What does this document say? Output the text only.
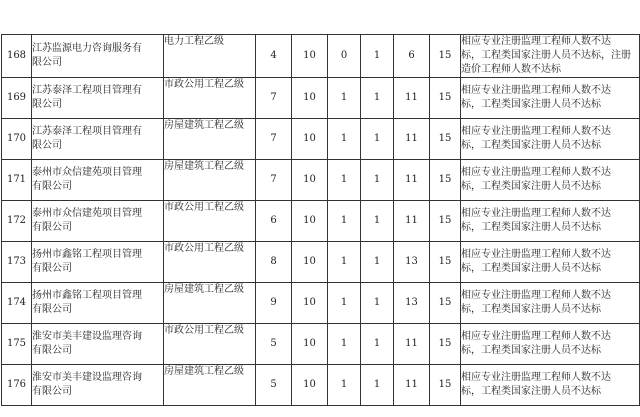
168	江苏监源电力咨询服务有
限公司	电力工程乙级	4	10	0	1	6	15	相应专业注册监理工程师人数不达
标，工程类国家注册人员不达标，注册
造价工程师人数不达标

169	江苏泰泽工程项目管理有
限公司	市政公用工程乙级	7	10	1	1	11	15	相应专业注册监理工程师人数不达
标，工程类国家注册人员不达标

170	江苏泰泽工程项目管理有
限公司	房屋建筑工程乙级	7	10	1	1	11	15	相应专业注册监理工程师人数不达
标，工程类国家注册人员不达标

171	泰州市众信建苑项目管理
有限公司	房屋建筑工程乙级	7	10	1	1	11	15	相应专业注册监理工程师人数不达
标，工程类国家注册人员不达标

172	泰州市众信建苑项目管理
有限公司	市政公用工程乙级	6	10	1	1	11	15	相应专业注册监理工程师人数不达
标，工程类国家注册人员不达标

173	扬州市鑫铭工程项目管理
有限公司	市政公用工程乙级	8	10	1	1	13	15	相应专业注册监理工程师人数不达
标，工程类国家注册人员不达标

174	扬州市鑫铭工程项目管理
有限公司	房屋建筑工程乙级	9	10	1	1	13	15	相应专业注册监理工程师人数不达
标，工程类国家注册人员不达标

175	淮安市美丰建设监理咨询
有限公司	市政公用工程乙级	5	10	1	1	11	15	相应专业注册监理工程师人数不达
标，工程类国家注册人员不达标

176	淮安市美丰建设监理咨询
有限公司	房屋建筑工程乙级	5	10	1	1	11	15	相应专业注册监理工程师人数不达
标，工程类国家注册人员不达标
